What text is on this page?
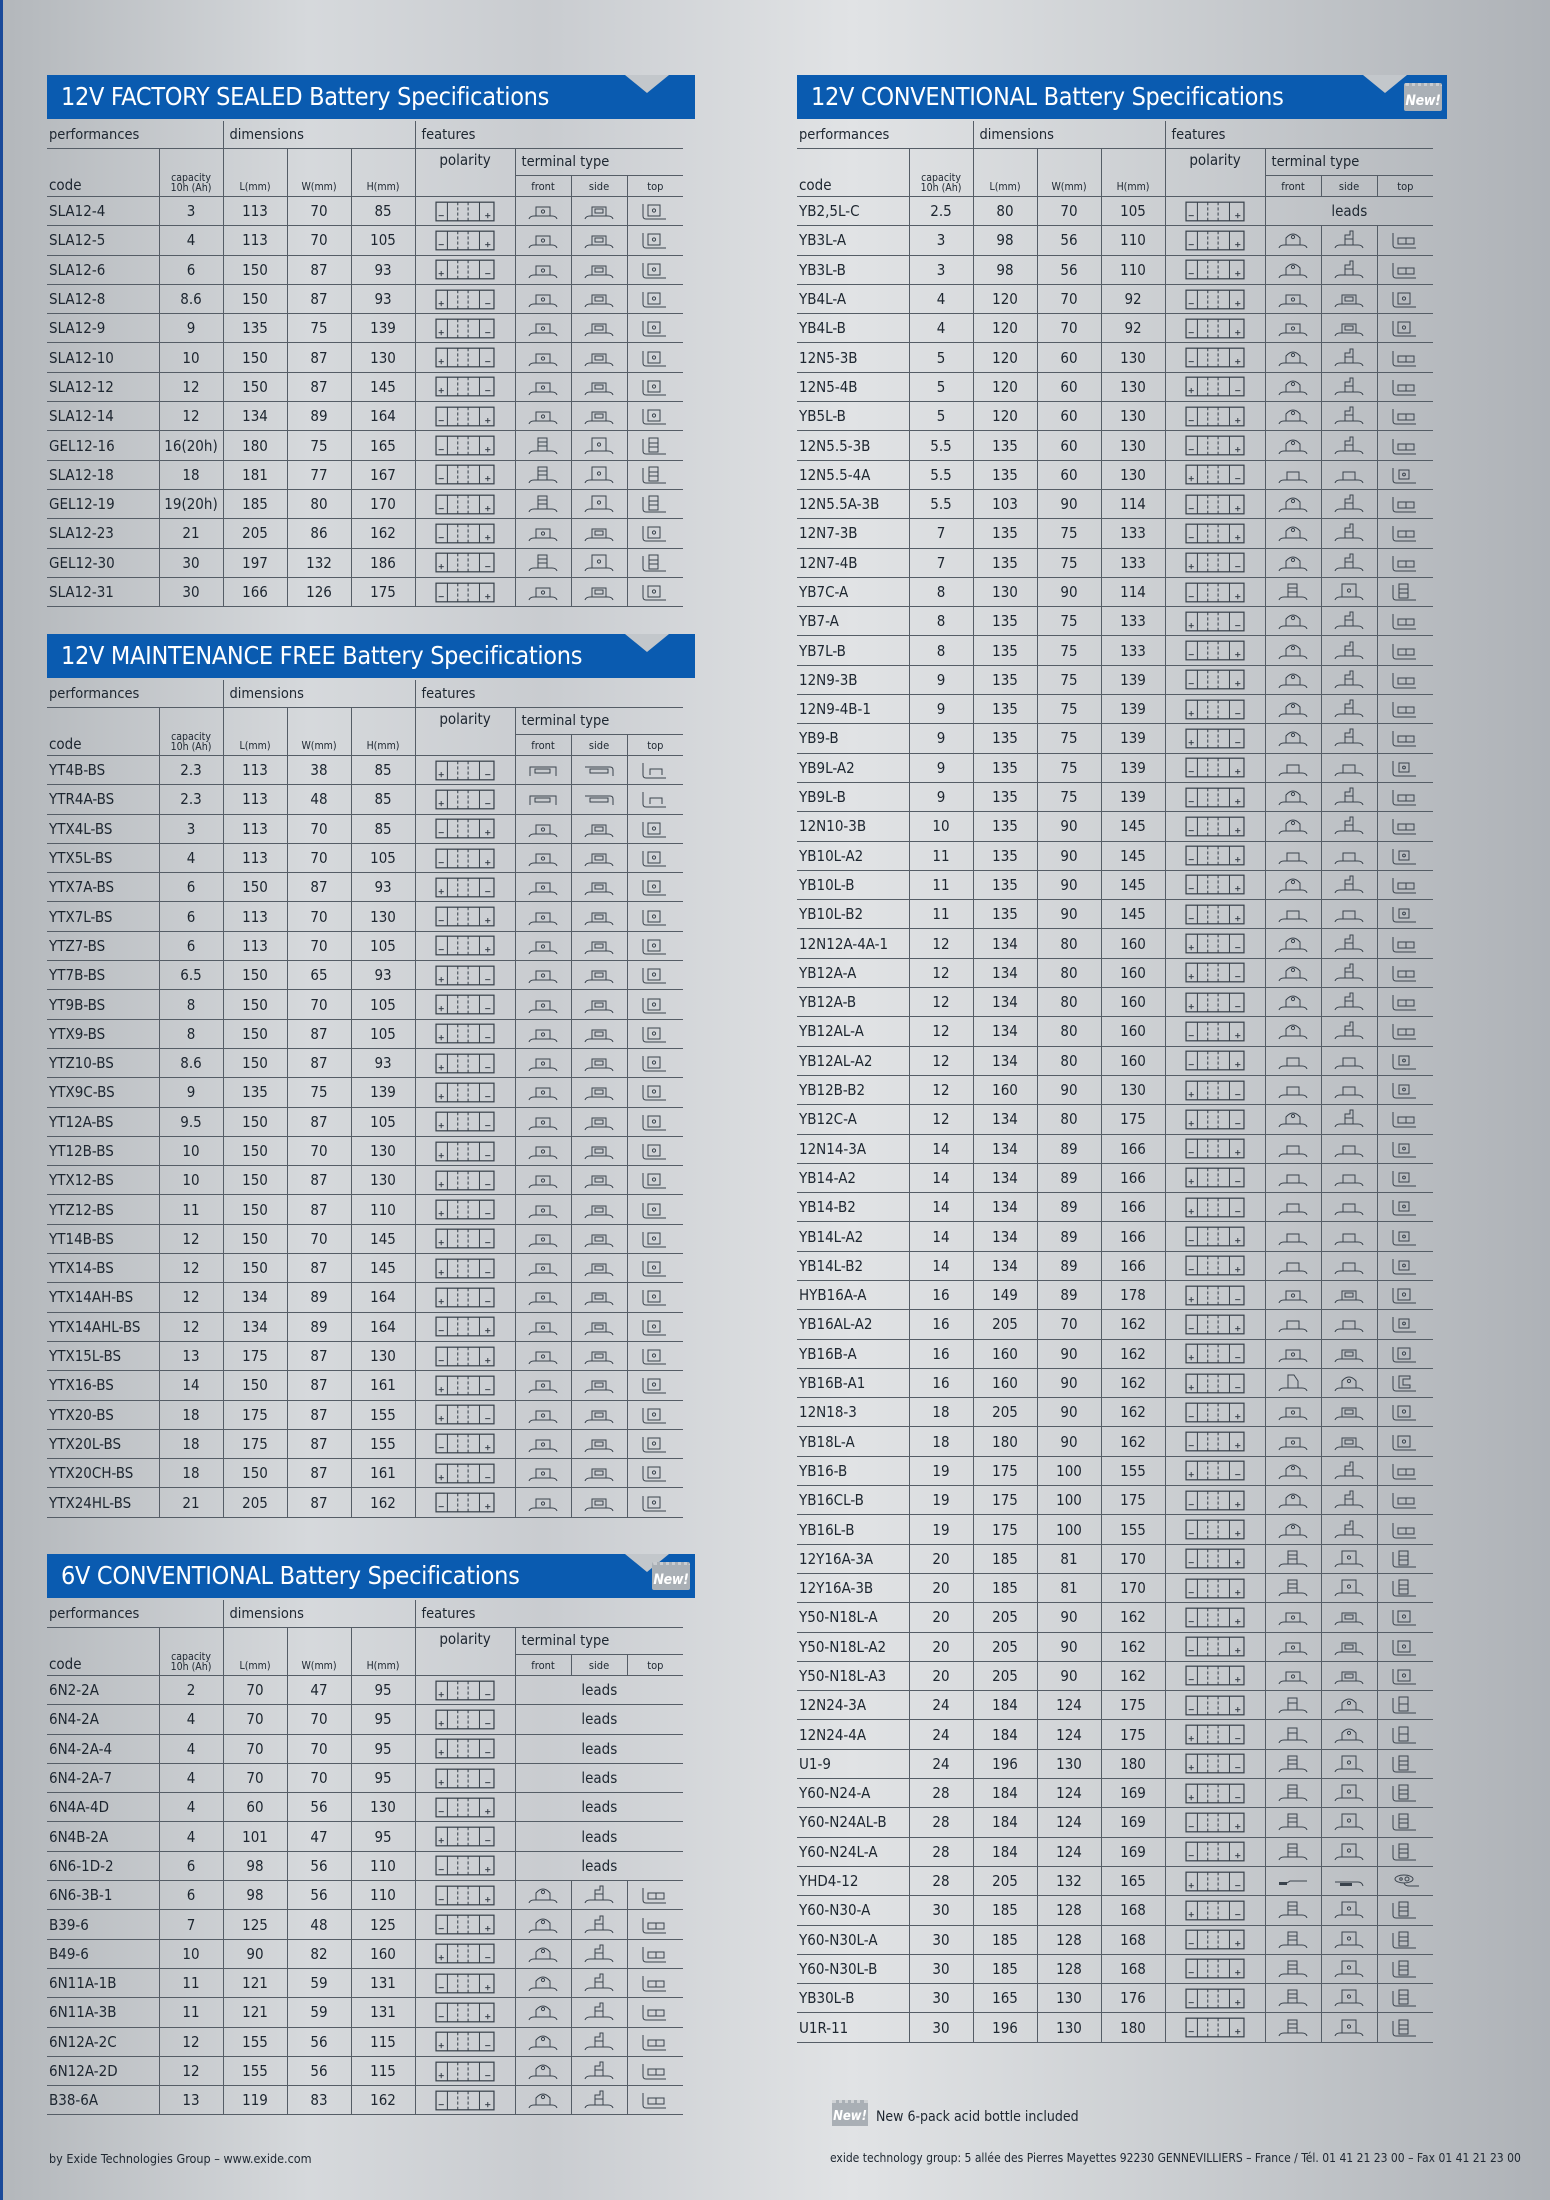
12V FACTORY SEALED Battery Specifications
performances		dimensions			features			
code	capacity
10h (Ah)	L(mm)	W(mm)	H(mm)	polarity	terminal type		
						front	side	top
SLA12-4	3	113	70	85	

SLA12-5	4	113	70	105	

SLA12-6	6	150	87	93	

SLA12-8	8.6	150	87	93	

SLA12-9	9	135	75	139	

SLA12-10	10	150	87	130	

SLA12-12	12	150	87	145	

SLA12-14	12	134	89	164	

GEL12-16	16(20h)	180	75	165	

SLA12-18	18	181	77	167	

GEL12-19	19(20h)	185	80	170	

SLA12-23	21	205	86	162	

GEL12-30	30	197	132	186	

SLA12-31	30	166	126	175	

12V MAINTENANCE FREE Battery Specifications
performances		dimensions			features			
code	capacity
10h (Ah)	L(mm)	W(mm)	H(mm)	polarity	terminal type		
						front	side	top
YT4B-BS	2.3	113	38	85	

YTR4A-BS	2.3	113	48	85	

YTX4L-BS	3	113	70	85	

YTX5L-BS	4	113	70	105	

YTX7A-BS	6	150	87	93	

YTX7L-BS	6	113	70	130	

YTZ7-BS	6	113	70	105	

YT7B-BS	6.5	150	65	93	

YT9B-BS	8	150	70	105	

YTX9-BS	8	150	87	105	

YTZ10-BS	8.6	150	87	93	

YTX9C-BS	9	135	75	139	

YT12A-BS	9.5	150	87	105	

YT12B-BS	10	150	70	130	

YTX12-BS	10	150	87	130	

YTZ12-BS	11	150	87	110	

YT14B-BS	12	150	70	145	

YTX14-BS	12	150	87	145	

YTX14AH-BS	12	134	89	164	

YTX14AHL-BS	12	134	89	164	

YTX15L-BS	13	175	87	130	

YTX16-BS	14	150	87	161	

YTX20-BS	18	175	87	155	

YTX20L-BS	18	175	87	155	

YTX20CH-BS	18	150	87	161	

YTX24HL-BS	21	205	87	162	

6V CONVENTIONAL Battery Specifications	New!
performances		dimensions			features			
code	capacity
10h (Ah)	L(mm)	W(mm)	H(mm)	polarity	terminal type		
						front	side	top
6N2-2A	2	70	47	95		leads		
6N4-2A	4	70	70	95		leads		
6N4-2A-4	4	70	70	95		leads		
6N4-2A-7	4	70	70	95		leads		
6N4A-4D	4	60	56	130		leads		
6N4B-2A	4	101	47	95		leads		
6N6-1D-2	6	98	56	110		leads		
6N6-3B-1	6	98	56	110	

B39-6	7	125	48	125	

B49-6	10	90	82	160	

6N11A-1B	11	121	59	131	

6N11A-3B	11	121	59	131	

6N12A-2C	12	155	56	115	

6N12A-2D	12	155	56	115	

B38-6A	13	119	83	162	

12V CONVENTIONAL Battery Specifications	New!
performances		dimensions			features			
code	capacity
10h (Ah)	L(mm)	W(mm)	H(mm)	polarity	terminal type		
						front	side	top
YB2,5L-C	2.5	80	70	105		leads		
YB3L-A	3	98	56	110	

YB3L-B	3	98	56	110	

YB4L-A	4	120	70	92	

YB4L-B	4	120	70	92	

12N5-3B	5	120	60	130	

12N5-4B	5	120	60	130	

YB5L-B	5	120	60	130	

12N5.5-3B	5.5	135	60	130	

12N5.5-4A	5.5	135	60	130	

12N5.5A-3B	5.5	103	90	114	

12N7-3B	7	135	75	133	

12N7-4B	7	135	75	133	

YB7C-A	8	130	90	114	

YB7-A	8	135	75	133	

YB7L-B	8	135	75	133	

12N9-3B	9	135	75	139	

12N9-4B-1	9	135	75	139	

YB9-B	9	135	75	139	

YB9L-A2	9	135	75	139	

YB9L-B	9	135	75	139	

12N10-3B	10	135	90	145	

YB10L-A2	11	135	90	145	

YB10L-B	11	135	90	145	

YB10L-B2	11	135	90	145	

12N12A-4A-1	12	134	80	160	

YB12A-A	12	134	80	160	

YB12A-B	12	134	80	160	

YB12AL-A	12	134	80	160	

YB12AL-A2	12	134	80	160	

YB12B-B2	12	160	90	130	

YB12C-A	12	134	80	175	

12N14-3A	14	134	89	166	

YB14-A2	14	134	89	166	

YB14-B2	14	134	89	166	

YB14L-A2	14	134	89	166	

YB14L-B2	14	134	89	166	

HYB16A-A	16	149	89	178	

YB16AL-A2	16	205	70	162	

YB16B-A	16	160	90	162	

YB16B-A1	16	160	90	162	

12N18-3	18	205	90	162	

YB18L-A	18	180	90	162	

YB16-B	19	175	100	155	

YB16CL-B	19	175	100	175	

YB16L-B	19	175	100	155	

12Y16A-3A	20	185	81	170	

12Y16A-3B	20	185	81	170	

Y50-N18L-A	20	205	90	162	

Y50-N18L-A2	20	205	90	162	

Y50-N18L-A3	20	205	90	162	

12N24-3A	24	184	124	175	

12N24-4A	24	184	124	175	

U1-9	24	196	130	180	

Y60-N24-A	28	184	124	169	

Y60-N24AL-B	28	184	124	169	

Y60-N24L-A	28	184	124	169	

YHD4-12	28	205	132	165	

Y60-N30-A	30	185	128	168	

Y60-N30L-A	30	185	128	168	

Y60-N30L-B	30	185	128	168	

YB30L-B	30	165	130	176	

U1R-11	30	196	130	180	

by Exide Technologies Group – www.exide.com
New! New 6-pack acid bottle included
exide technology group: 5 allée des Pierres Mayettes 92230 GENNEVILLIERS – France / Tél. 01 41 21 23 00 – Fax 01 41 21 23 00
